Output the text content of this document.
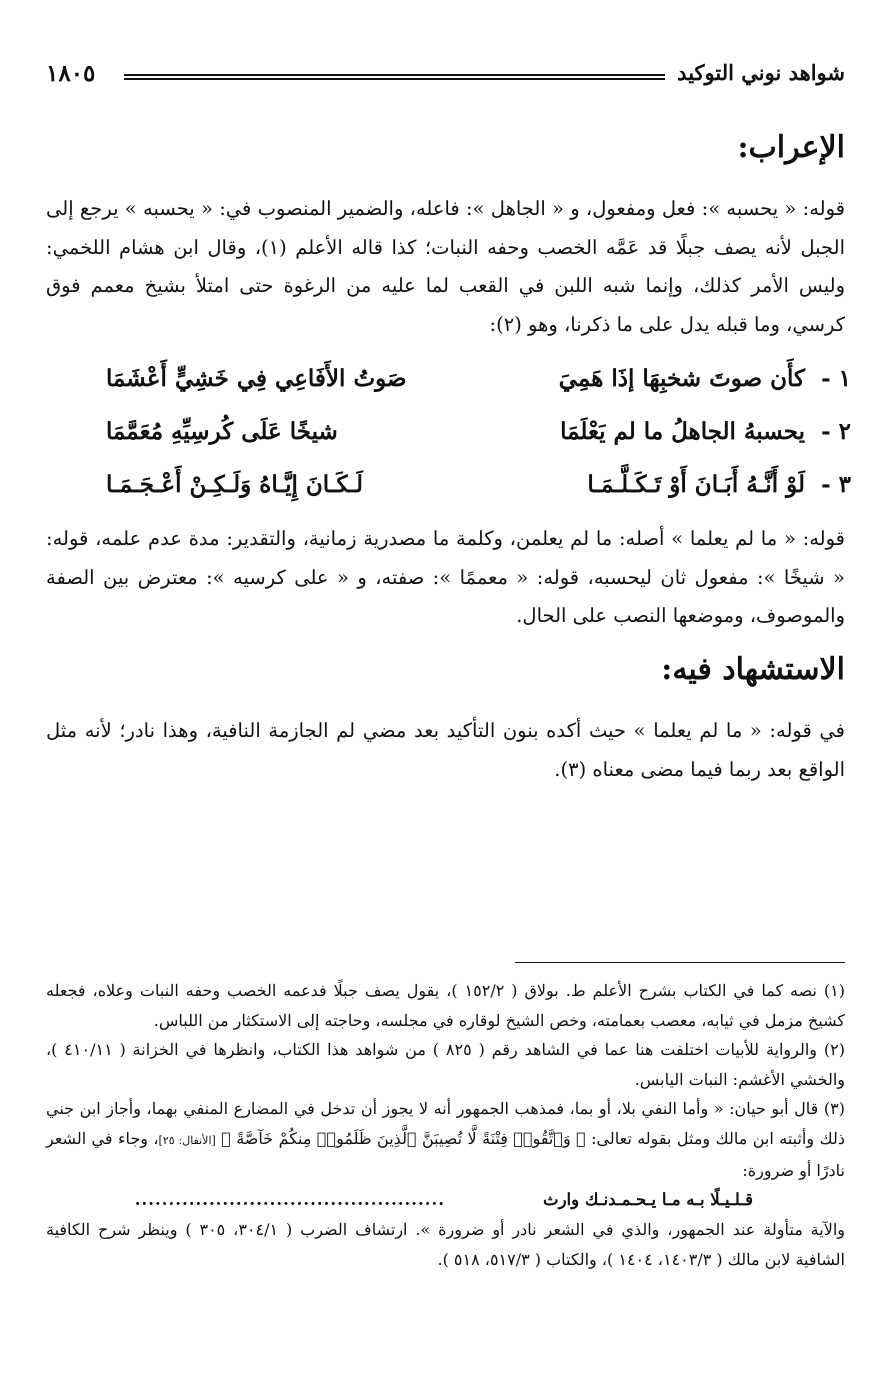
شواهد نوني التوكيد
١٨٠٥
الإعراب:
قوله: « يحسبه »: فعل ومفعول، و « الجاهل »: فاعله، والضمير المنصوب في: « يحسبه » يرجع إلى الجبل لأنه يصف جبلًا قد عَمَّه الخصب وحفه النبات؛ كذا قاله الأعلم (١)، وقال ابن هشام اللخمي: وليس الأمر كذلك، وإنما شبه اللبن في القعب لما عليه من الرغوة حتى امتلأ بشيخ معمم فوق كرسي، وما قبله يدل على ما ذكرنا، وهو (٢):
١ -
كأَن صوتَ شخبِهَا إذَا هَمِيَ
صَوتُ الأَفَاعِي فِي خَشِيٍّ أَعْشَمَا
٢ -
يحسبهُ الجاهلُ ما لم يَعْلَمَا
شيخًا عَلَى كُرسِيِّهِ مُعَمَّمَا
٣ -
لَوْ أَنَّـهُ أَبَـانَ أَوْ تَـكَـلَّـمَـا
لَـكَـانَ إِيَّـاهُ وَلَـكِـنْ أَعْـجَـمَـا
قوله: « ما لم يعلما » أصله: ما لم يعلمن، وكلمة ما مصدرية زمانية، والتقدير: مدة عدم علمه، قوله: « شيخًا »: مفعول ثان ليحسبه، قوله: « معممًا »: صفته، و « على كرسيه »: معترض بين الصفة والموصوف، وموضعها النصب على الحال.
الاستشهاد فيه:
في قوله: « ما لم يعلما » حيث أكده بنون التأكيد بعد مضي لم الجازمة النافية، وهذا نادر؛ لأنه مثل الواقع بعد ربما فيما مضى معناه (٣).

(١) نصه كما في الكتاب بشرح الأعلم ط. بولاق ( ١٥٢/٢ )، يقول يصف جبلًا فدعمه الخصب وحفه النبات وعلاه، فجعله كشيخ مزمل في ثيابه، معصب بعمامته، وخص الشيخ لوقاره في مجلسه، وحاجته إلى الاستكثار من اللباس.

(٢) والرواية للأبيات اختلفت هنا عما في الشاهد رقم ( ٨٢٥ ) من شواهد هذا الكتاب، وانظرها في الخزانة ( ٤١٠/١١ )، والخشي الأغشم: النبات اليابس.

(٣) قال أبو حيان: « وأما النفي بلا، أو بما، فمذهب الجمهور أنه لا يجوز أن تدخل في المضارع المنفي بهما، وأجاز ابن جني ذلك وأثبته ابن مالك ومثل بقوله تعالى: ﴿ وَٱتَّقُوا۟ فِتْنَةً لَّا تُصِيبَنَّ ٱلَّذِينَ ظَلَمُوا۟ مِنكُمْ خَآصَّةً ﴾ [الأنفال: ٢٥]، وجاء في الشعر نادرًا أو ضرورة:

قـلـيـلًا بـه مـا يـحـمـدنـك وارث
..............................................

والآية متأولة عند الجمهور، والذي في الشعر نادر أو ضرورة ». ارتشاف الضرب ( ٣٠٤/١، ٣٠٥ ) وينظر شرح الكافية الشافية لابن مالك ( ١٤٠٣/٣، ١٤٠٤ )، والكتاب ( ٥١٧/٣، ٥١٨ ).
